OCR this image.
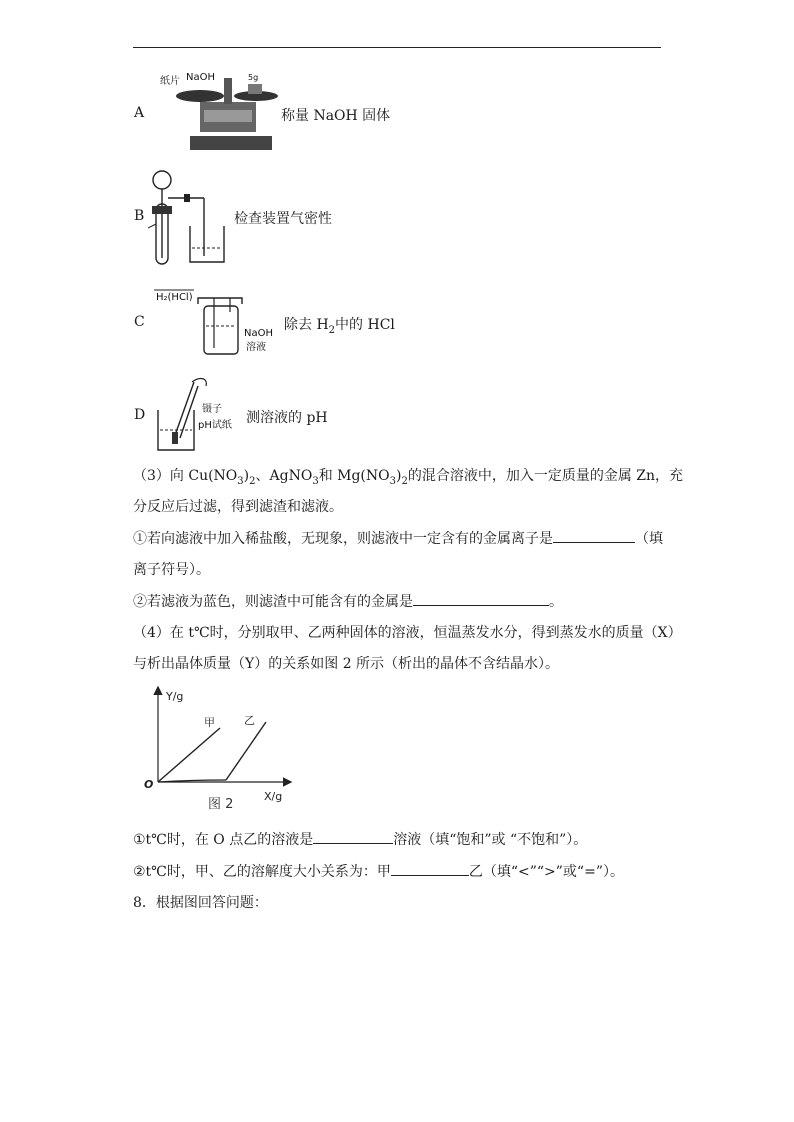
A
纸片 NaOH	5g
称量 NaOH 固体
B	检查装置气密性
C
H₂(HCl)
NaOH
溶液
除去 $H_2$中的 HCl
D	镊子
pH试纸 测溶液的 pH
（3）向 $Cu(NO_3)_2$、AgNO$_3$和 $Mg(NO_3)_2$的混合溶液中，加入一定质量的金属 Zn，充
分反应后过滤，得到滤渣和滤液。
①若向滤液中加入稀盐酸，无现象，则滤液中一定含有的金属离子是	（填
离子符号）。
②若滤液为蓝色，则滤渣中可能含有的金属是	。
（4）在 t℃时，分别取甲、乙两种固体的溶液，恒温蒸发水分，得到蒸发水的质量（X）
与析出晶体质量（Y）的关系如图 2 所示（析出的晶体不含结晶水）。
Y/g
X/g
O
甲	乙
图 2
①t℃时，在 O 点乙的溶液是	溶液（填“饱和”或 “不饱和”）。
②t℃时，甲、乙的溶解度大小关系为：甲	乙（填“<”“>”或“=”）。
8．根据图回答问题：
